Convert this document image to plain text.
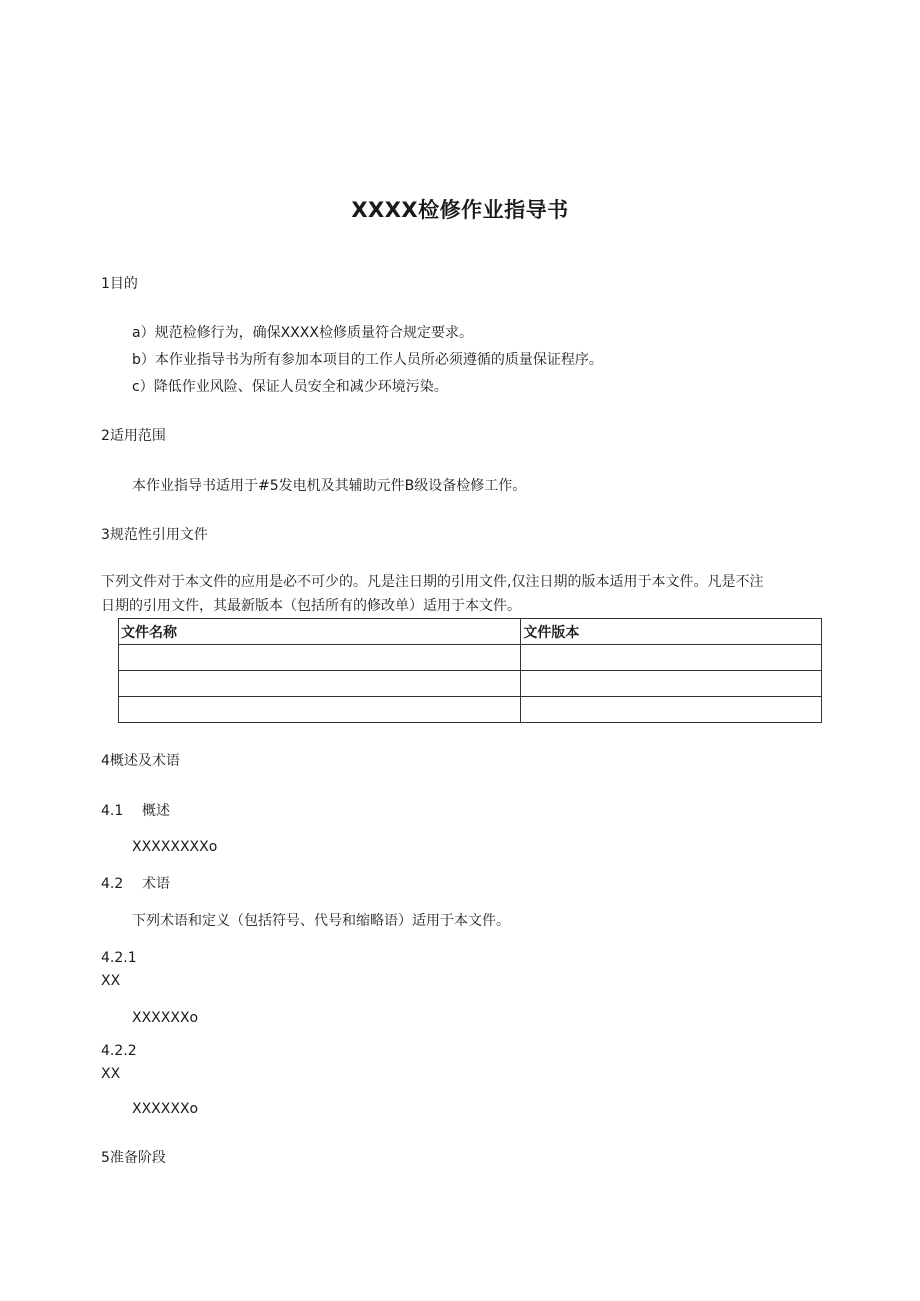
XXXX检修作业指导书
1目的
a）规范检修行为，确保XXXX检修质量符合规定要求。
b）本作业指导书为所有参加本项目的工作人员所必须遵循的质量保证程序。
c）降低作业风险、保证人员安全和减少环境污染。
2适用范围
本作业指导书适用于#5发电机及其辅助元件B级设备检修工作。
3规范性引用文件
下列文件对于本文件的应用是必不可少的。凡是注日期的引用文件,仅注日期的版本适用于本文件。凡是不注
日期的引用文件，其最新版本（包括所有的修改单）适用于本文件。
文件名称	文件版本

4概述及术语
4.1 概述
XXXXXXXXo
4.2 术语
下列术语和定义（包括符号、代号和缩略语）适用于本文件。
4.2.1
XX
XXXXXXo
4.2.2
XX
XXXXXXo
5准备阶段
